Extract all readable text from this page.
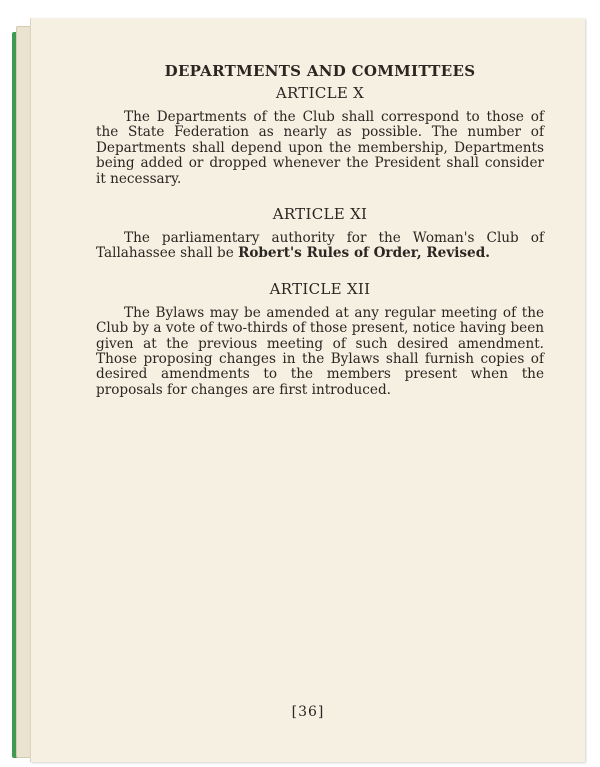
DEPARTMENTS AND COMMITTEES
ARTICLE X

The Departments of the Club shall correspond to those of the State Federation as nearly as possible. The number of Departments shall depend upon the membership, Departments being added or dropped whenever the President shall consider it necessary.

ARTICLE XI

The parliamentary authority for the Woman's Club of Tallahassee shall be Robert's Rules of Order, Revised.

ARTICLE XII

The Bylaws may be amended at any regular meeting of the Club by a vote of two-thirds of those present, notice having been given at the previous meeting of such desired amendment. Those proposing changes in the Bylaws shall furnish copies of desired amendments to the members present when the proposals for changes are first introduced.

[36]
